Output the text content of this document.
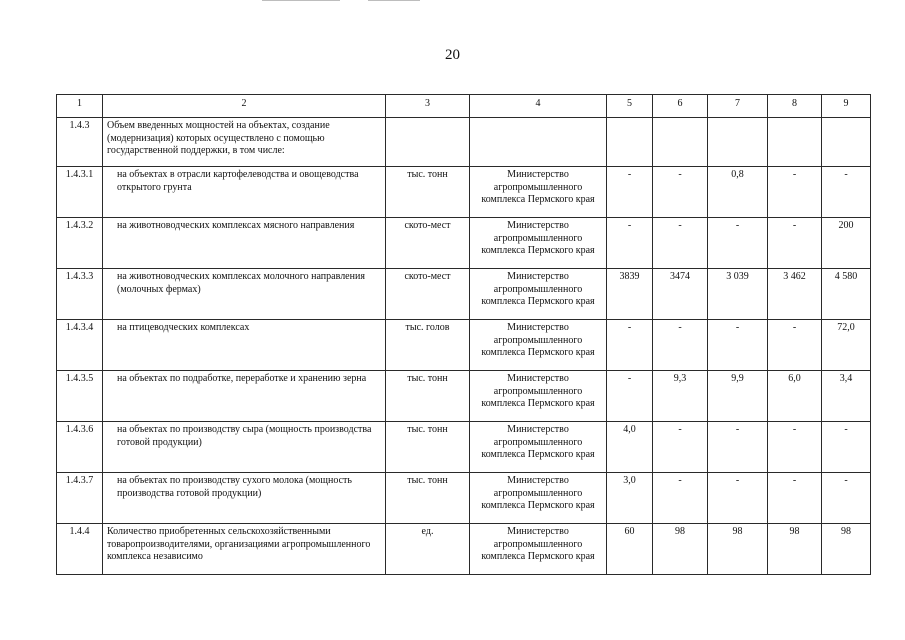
20
1	2	3	4	5	6	7	8	9
1.4.3	Объем введенных мощностей на объектах, создание (модернизация) которых осуществлено с помощью государственной поддержки, в том числе:							
1.4.3.1	на объектах в отрасли картофелеводства и овощеводства открытого грунта	тыс. тонн	Министерство агропромышленного комплекса Пермского края	-	-	0,8	-	-
1.4.3.2	на животноводческих комплексах мясного направления	ското-мест	Министерство агропромышленного комплекса Пермского края	-	-	-	-	200
1.4.3.3	на животноводческих комплексах молочного направления (молочных фермах)	ското-мест	Министерство агропромышленного комплекса Пермского края	3839	3474	3 039	3 462	4 580
1.4.3.4	на птицеводческих комплексах	тыс. голов	Министерство агропромышленного комплекса Пермского края	-	-	-	-	72,0
1.4.3.5	на объектах по подработке, переработке и хранению зерна	тыс. тонн	Министерство агропромышленного комплекса Пермского края	-	9,3	9,9	6,0	3,4
1.4.3.6	на объектах по производству сыра (мощность производства готовой продукции)	тыс. тонн	Министерство агропромышленного комплекса Пермского края	4,0	-	-	-	-
1.4.3.7	на объектах по производству сухого молока (мощность производства готовой продукции)	тыс. тонн	Министерство агропромышленного комплекса Пермского края	3,0	-	-	-	-
1.4.4	Количество приобретенных сельскохозяйственными товаропроизводителями, организациями агропромышленного комплекса независимо	ед.	Министерство агропромышленного комплекса Пермского края	60	98	98	98	98
